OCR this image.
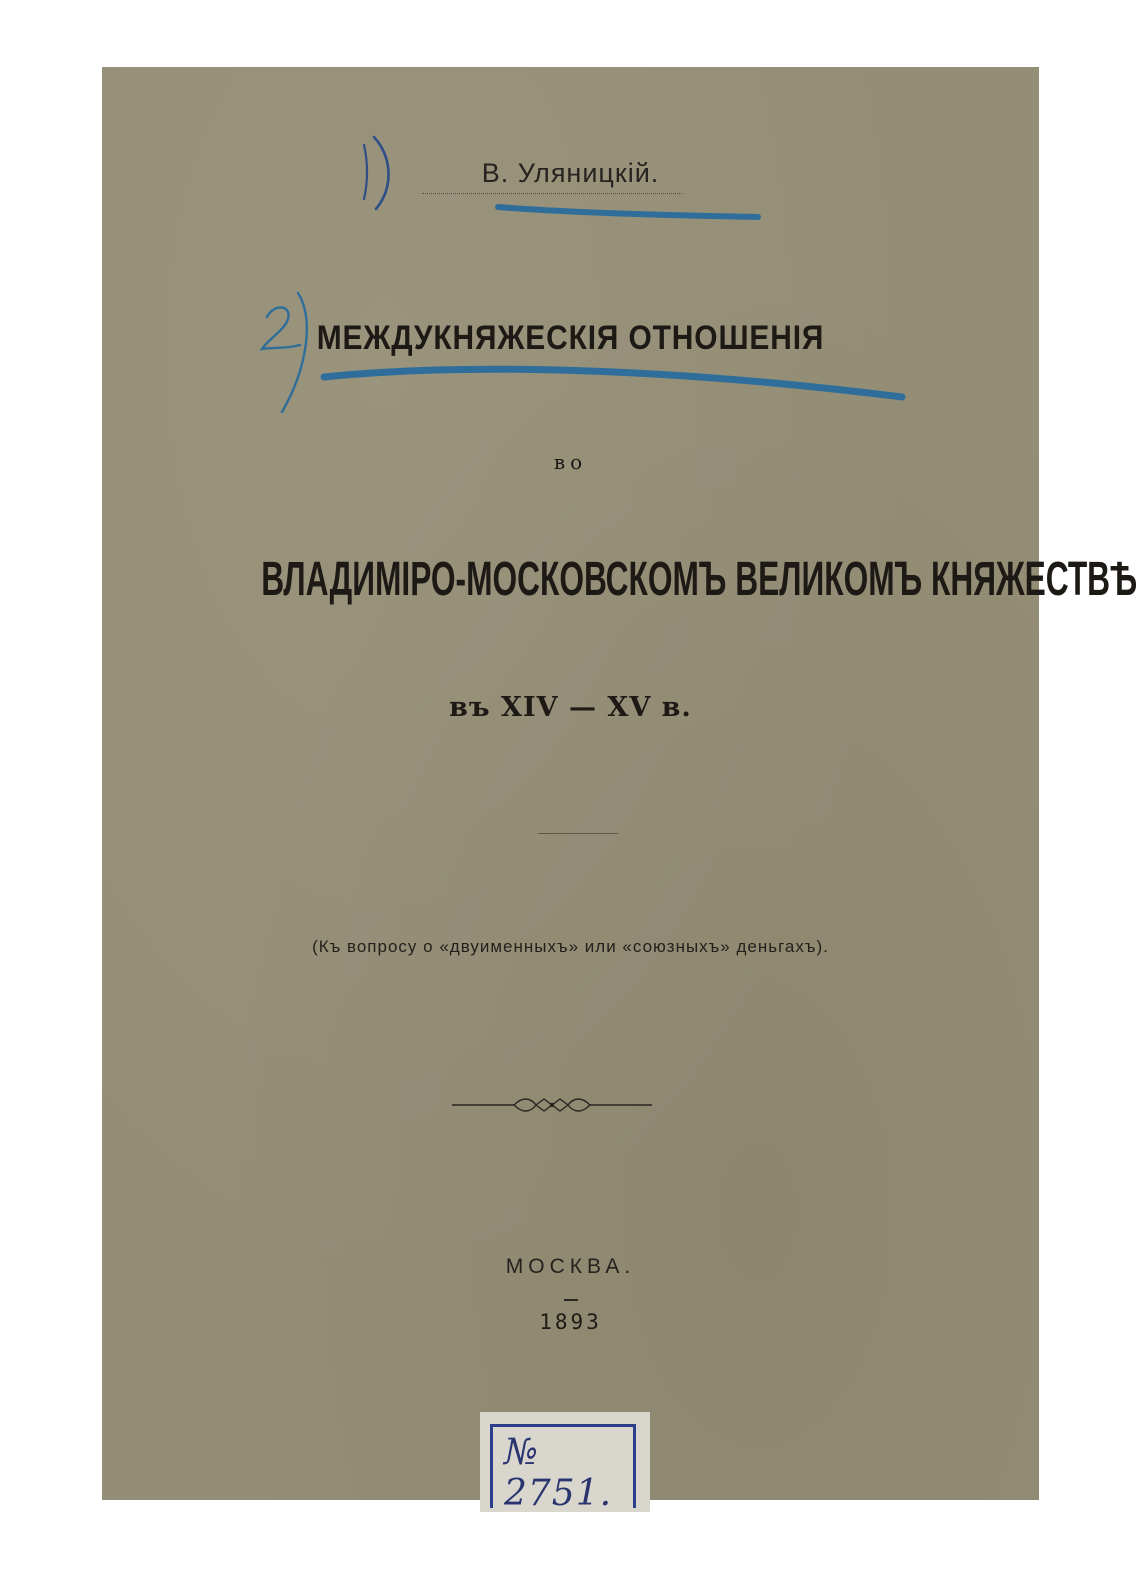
В. Уляницкій.
МЕЖДУКНЯЖЕСКІЯ ОТНОШЕНІЯ
во
ВЛАДИМІРО-МОСКОВСКОМЪ ВЕЛИКОМЪ КНЯЖЕСТВѢ
въ XIV — XV в.
(Къ вопросу о «двуименныхъ» или «союзныхъ» деньгахъ).
МОСКВА.
1893
№ 2751.
